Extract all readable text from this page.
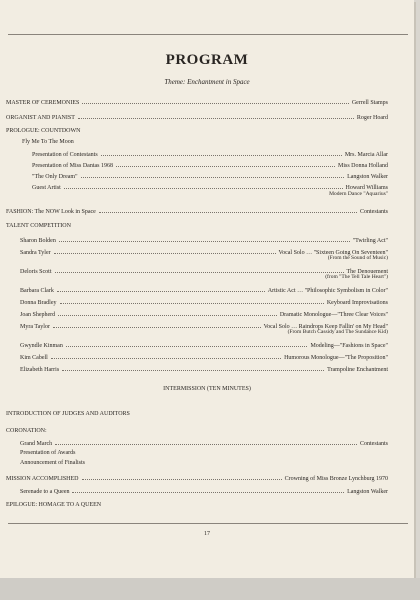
PROGRAM
Theme: Enchantment in Space
MASTER OF CEREMONIES	Gerrell Stamps
ORGANIST AND PIANIST	Roger Hoard
PROLOGUE: COUNTDOWN
Fly Me To The Moon
Presentation of Contestants	Mrs. Marcia Allar
Presentation of Miss Dantas 1968	Miss Donna Holland
"The Only Dream"	Langston Walker
Guest Artist	Howard Williams
Modern Dance "Aquarius"
FASHION: The NOW Look in Space	Contestants
TALENT COMPETITION
Sharon Bolden	"Twirling Act"
Sandra Tyler	Vocal Solo … "Sixteen Going On Seventeen"
(From the Sound of Music)
Deloris Scott	The Denouement
(from "The Tell Tale Heart")
Barbara Clark	Artistic Act … "Philosophic Symbolism in Color"
Donna Bradley	Keyboard Improvisations
Joan Shepherd	Dramatic Monologue—"Three Clear Voices"
Myra Taylor	Vocal Solo … Raindrops Keep Fallin' on My Head"
(From Butch Cassidy and The Sundance Kid)
Gwyndle Kinman	Modeling—"Fashions in Space"
Kim Cabell	Humorous Monologue—"The Proposition"
Elizabeth Harris	Trampoline Enchantment
INTERMISSION (TEN MINUTES)
INTRODUCTION OF JUDGES AND AUDITORS
CORONATION:
Grand March	Contestants
Presentation of Awards
Announcement of Finalists
MISSION ACCOMPLISHED	Crowning of Miss Bronze Lynchburg 1970
Serenade to a Queen	Langston Walker
EPILOGUE: HOMAGE TO A QUEEN
17
